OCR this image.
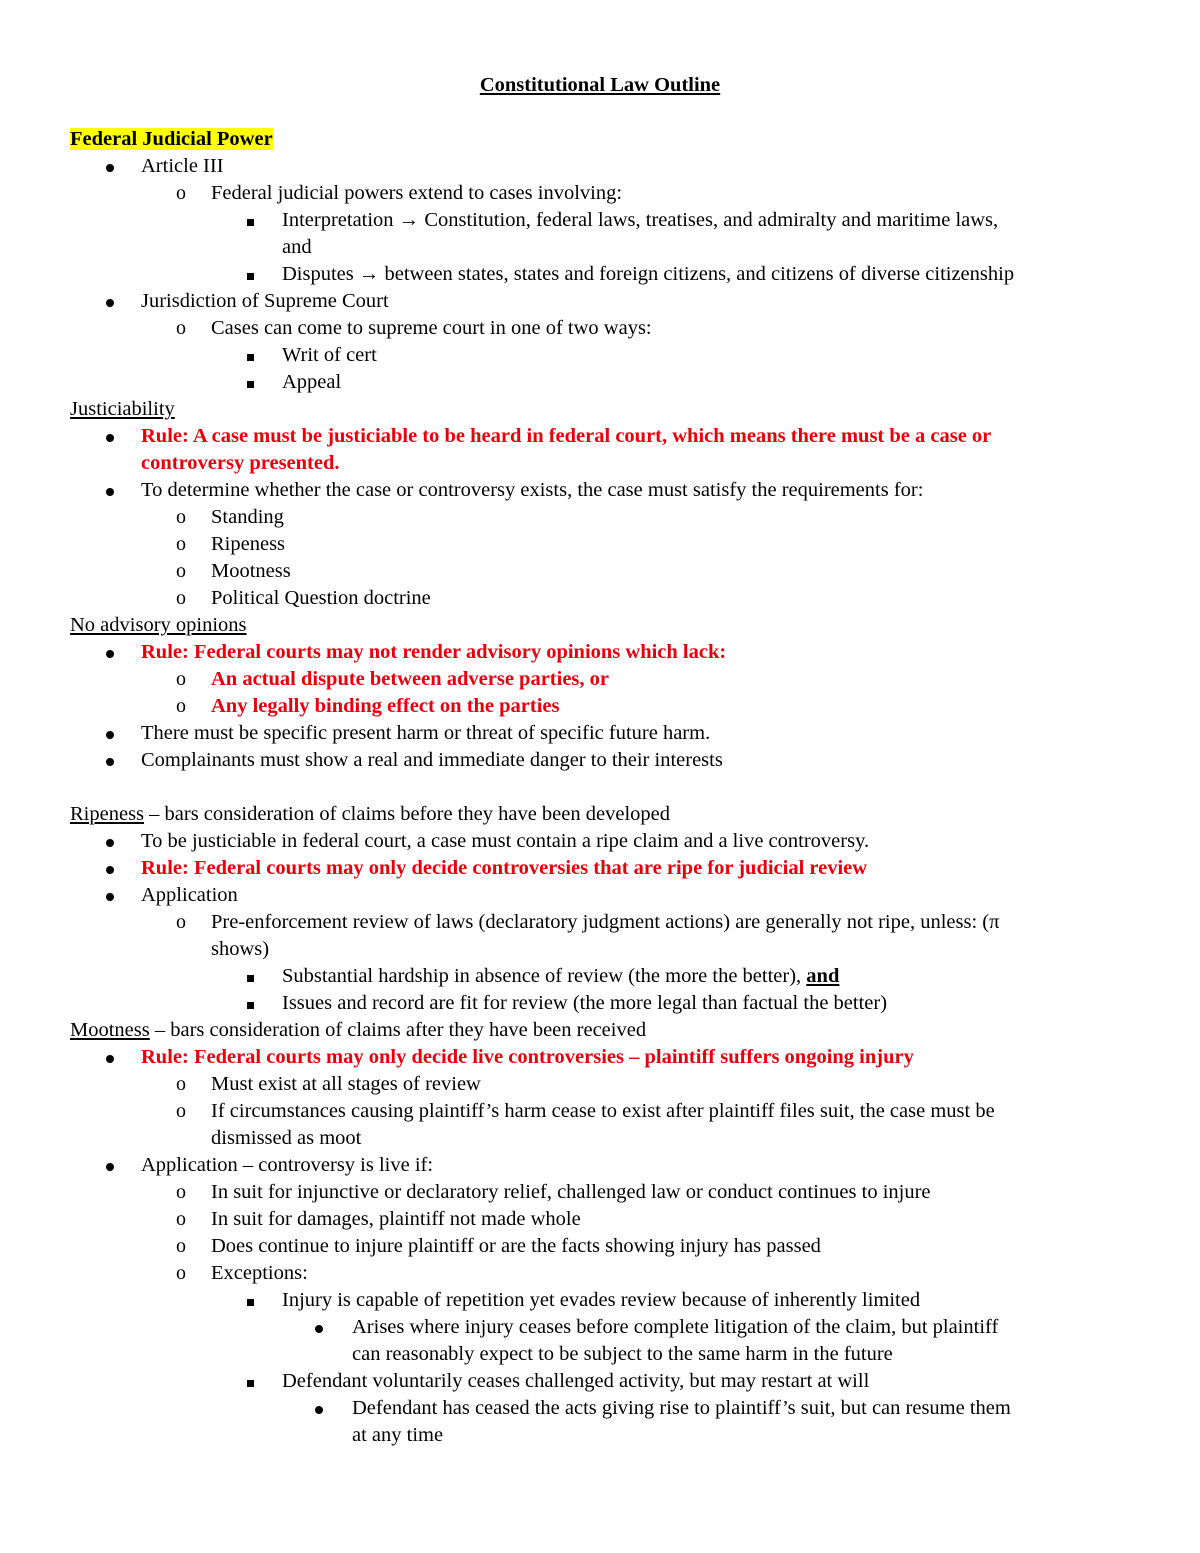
Constitutional Law Outline
Federal Judicial Power
Article III
o Federal judicial powers extend to cases involving:
Interpretation → Constitution, federal laws, treatises, and admiralty and maritime laws,
and
Disputes → between states, states and foreign citizens, and citizens of diverse citizenship
Jurisdiction of Supreme Court
o Cases can come to supreme court in one of two ways:
Writ of cert
Appeal
Justiciability
Rule: A case must be justiciable to be heard in federal court, which means there must be a case or
controversy presented.
To determine whether the case or controversy exists, the case must satisfy the requirements for:
o Standing
o Ripeness
o Mootness
o Political Question doctrine
No advisory opinions
Rule: Federal courts may not render advisory opinions which lack:
o An actual dispute between adverse parties, or
o Any legally binding effect on the parties
There must be specific present harm or threat of specific future harm.
Complainants must show a real and immediate danger to their interests
Ripeness – bars consideration of claims before they have been developed
To be justiciable in federal court, a case must contain a ripe claim and a live controversy.
Rule: Federal courts may only decide controversies that are ripe for judicial review
Application
o Pre-enforcement review of laws (declaratory judgment actions) are generally not ripe, unless: (π
shows)
Substantial hardship in absence of review (the more the better), and
Issues and record are fit for review (the more legal than factual the better)
Mootness – bars consideration of claims after they have been received
Rule: Federal courts may only decide live controversies – plaintiff suffers ongoing injury
o Must exist at all stages of review
o If circumstances causing plaintiff’s harm cease to exist after plaintiff files suit, the case must be
dismissed as moot
Application – controversy is live if:
o In suit for injunctive or declaratory relief, challenged law or conduct continues to injure
o In suit for damages, plaintiff not made whole
o Does continue to injure plaintiff or are the facts showing injury has passed
o Exceptions:
Injury is capable of repetition yet evades review because of inherently limited
Arises where injury ceases before complete litigation of the claim, but plaintiff
can reasonably expect to be subject to the same harm in the future
Defendant voluntarily ceases challenged activity, but may restart at will
Defendant has ceased the acts giving rise to plaintiff’s suit, but can resume them
at any time
